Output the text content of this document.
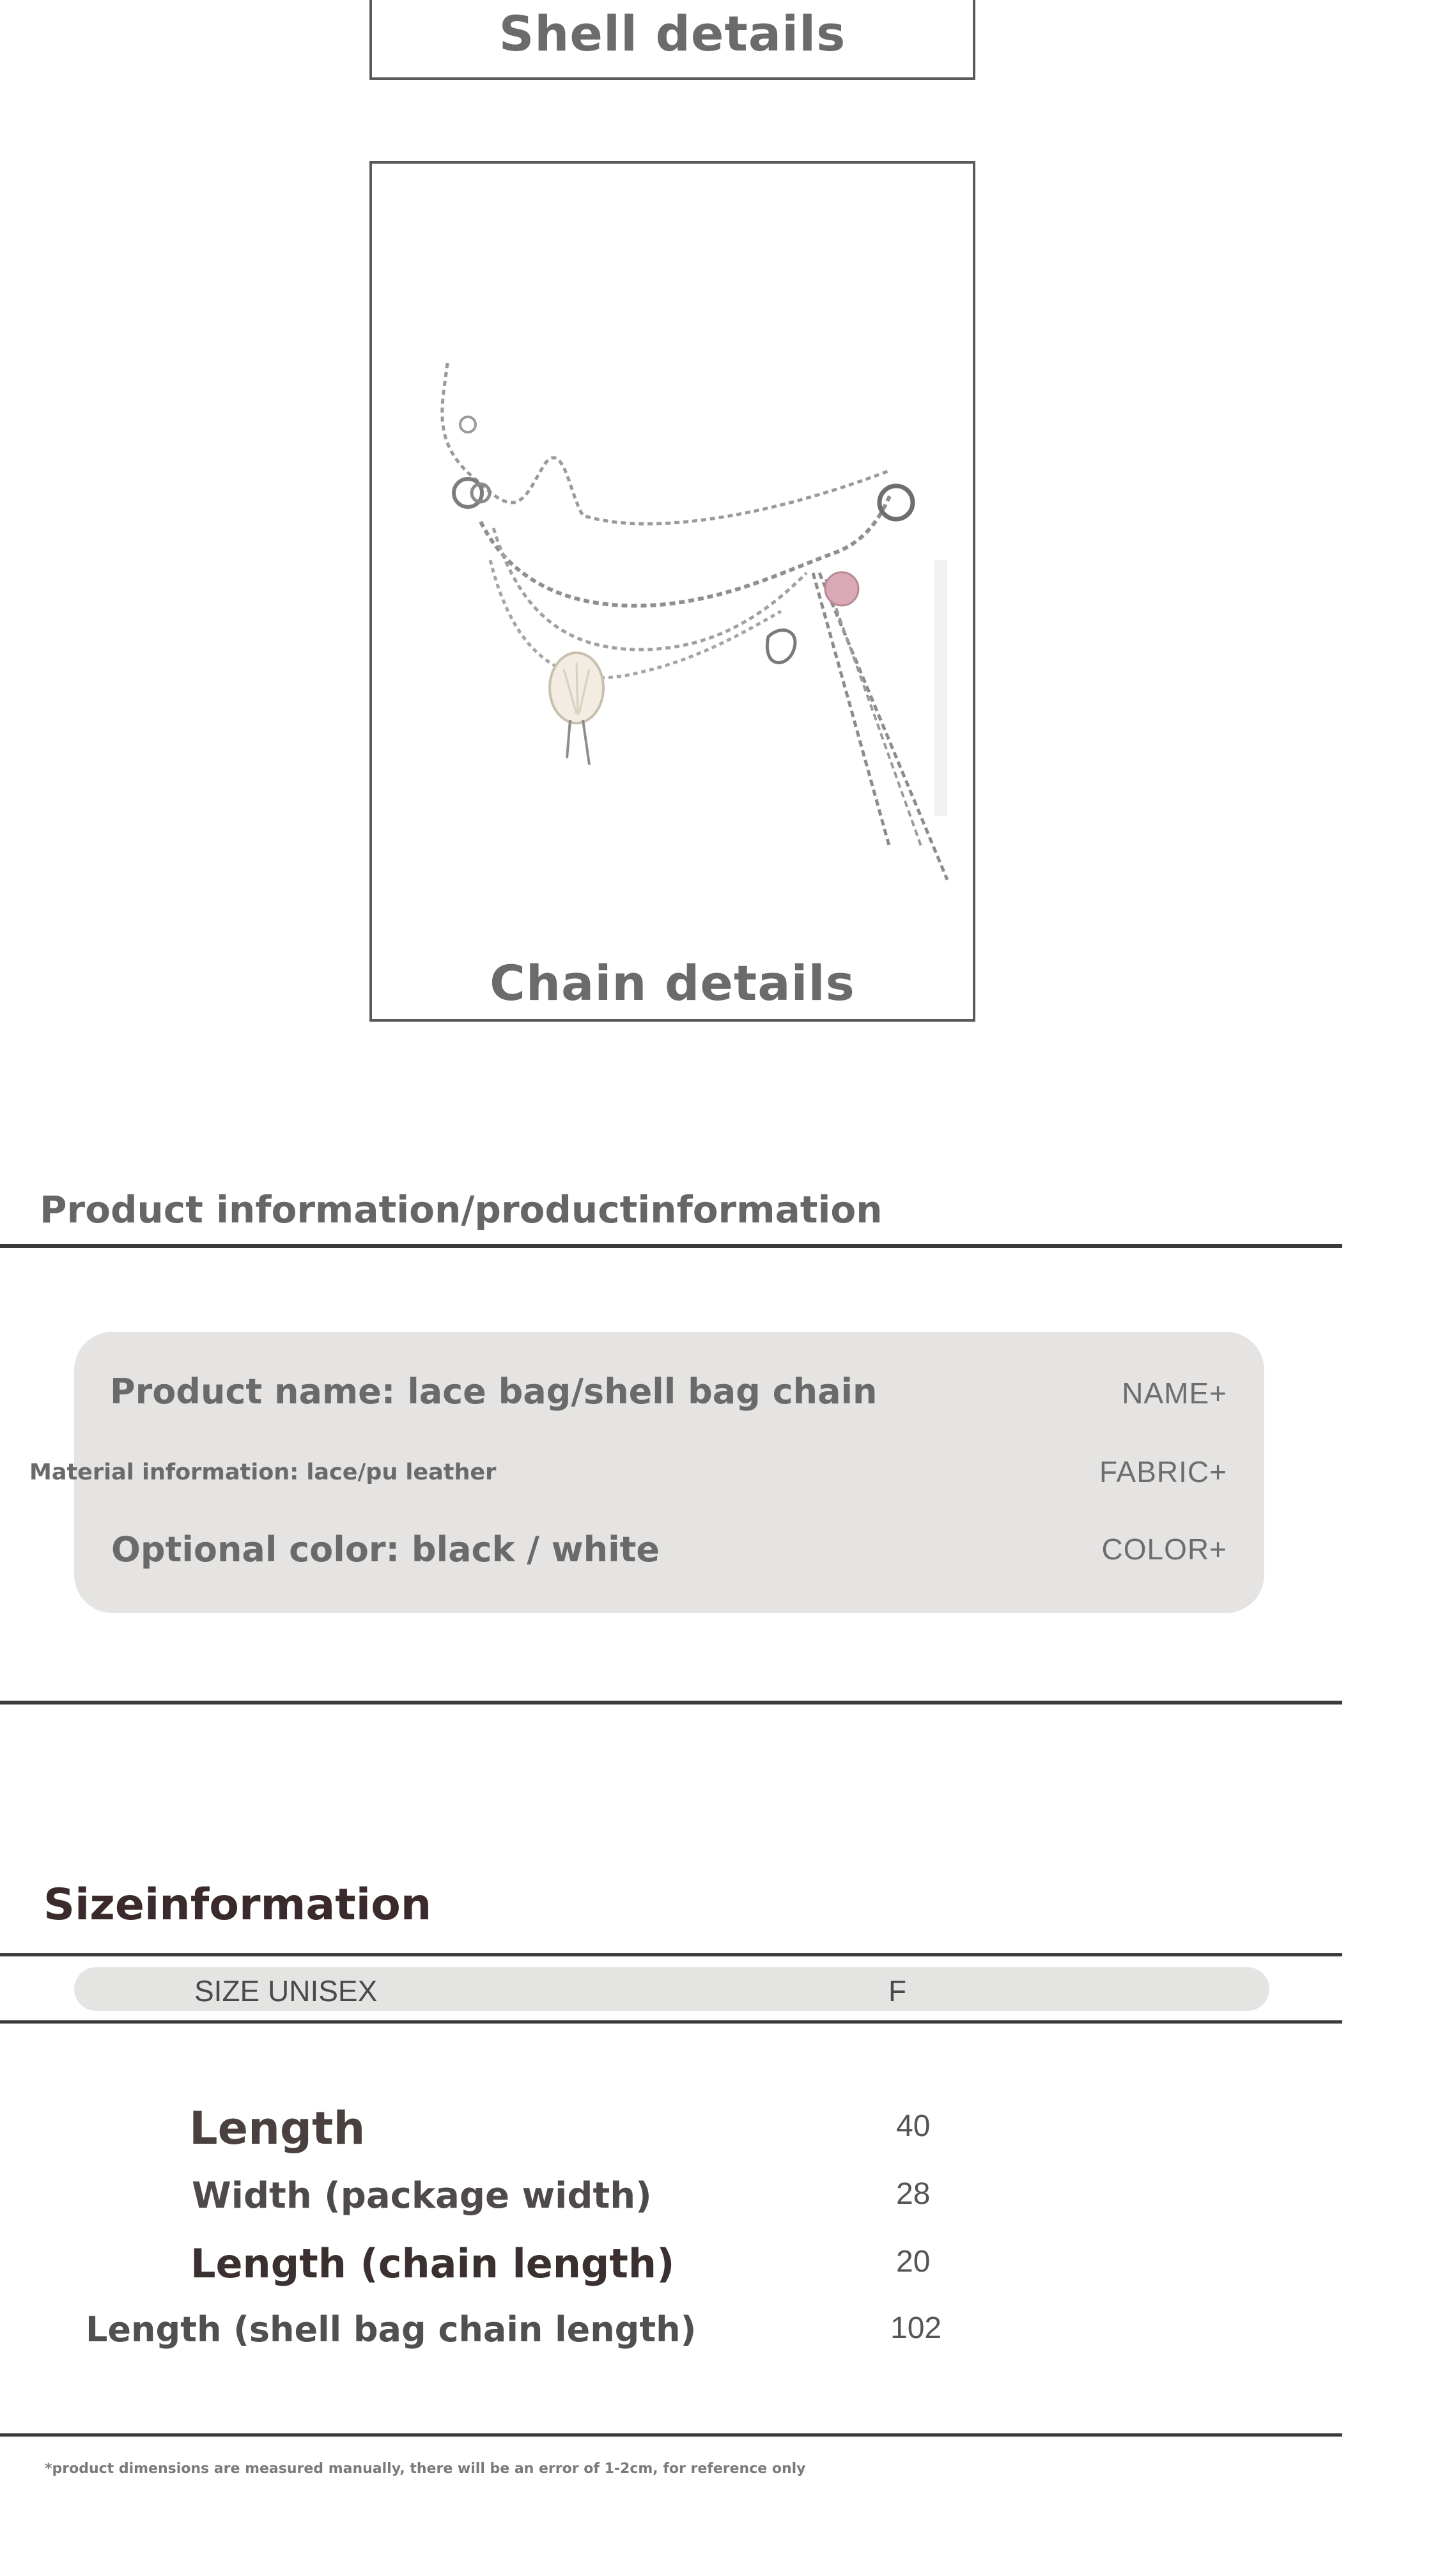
Shell details
Chain details
Product information/productinformation
Product name: lace bag/shell bag chain	NAME+
Material information: lace/pu leather	FABRIC+
Optional color: black / white	COLOR+
Sizeinformation
SIZE UNISEX	F
Length	40
Width (package width)	28
Length (chain length)	20
Length (shell bag chain length)	102
*product dimensions are measured manually, there will be an error of 1-2cm, for reference only
